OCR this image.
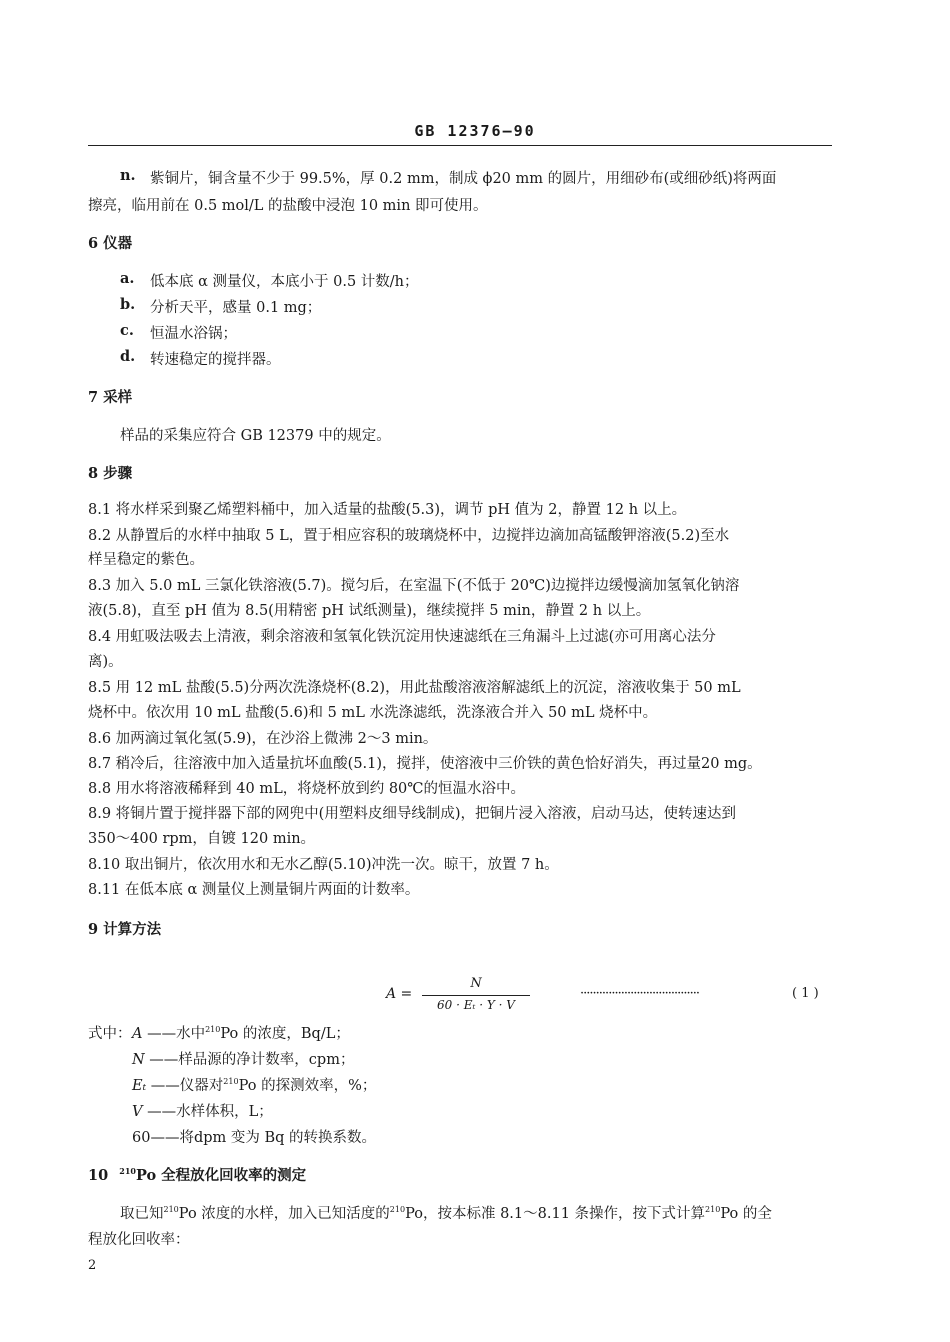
GB 12376—90
n. 紫铜片，铜含量不少于 99.5%，厚 0.2 mm，制成 ϕ20 mm 的圆片，用细砂布(或细砂纸)将两面
擦亮，临用前在 0.5 mol/L 的盐酸中浸泡 10 min 即可使用。
6 仪器
a. 低本底 α 测量仪，本底小于 0.5 计数/h；
b. 分析天平，感量 0.1 mg；
c. 恒温水浴锅；
d. 转速稳定的搅拌器。
7 采样
样品的采集应符合 GB 12379 中的规定。
8 步骤
8.1 将水样采到聚乙烯塑料桶中，加入适量的盐酸(5.3)，调节 pH 值为 2，静置 12 h 以上。
8.2 从静置后的水样中抽取 5 L，置于相应容积的玻璃烧杯中，边搅拌边滴加高锰酸钾溶液(5.2)至水
样呈稳定的紫色。
8.3 加入 5.0 mL 三氯化铁溶液(5.7)。搅匀后，在室温下(不低于 20℃)边搅拌边缓慢滴加氢氧化钠溶
液(5.8)，直至 pH 值为 8.5(用精密 pH 试纸测量)，继续搅拌 5 min，静置 2 h 以上。
8.4 用虹吸法吸去上清液，剩余溶液和氢氧化铁沉淀用快速滤纸在三角漏斗上过滤(亦可用离心法分
离)。
8.5 用 12 mL 盐酸(5.5)分两次洗涤烧杯(8.2)，用此盐酸溶液溶解滤纸上的沉淀，溶液收集于 50 mL
烧杯中。依次用 10 mL 盐酸(5.6)和 5 mL 水洗涤滤纸，洗涤液合并入 50 mL 烧杯中。
8.6 加两滴过氧化氢(5.9)，在沙浴上微沸 2～3 min。
8.7 稍冷后，往溶液中加入适量抗坏血酸(5.1)，搅拌，使溶液中三价铁的黄色恰好消失，再过量20 mg。
8.8 用水将溶液稀释到 40 mL，将烧杯放到约 80℃的恒温水浴中。
8.9 将铜片置于搅拌器下部的网兜中(用塑料皮细导线制成)，把铜片浸入溶液，启动马达，使转速达到
350～400 rpm，自镀 120 min。
8.10 取出铜片，依次用水和无水乙醇(5.10)冲洗一次。晾干，放置 7 h。
8.11 在低本底 α 测量仪上测量铜片两面的计数率。
9 计算方法
A =
N
60 · Eₜ · Y · V
······································	( 1 )
式中： A ——水中$^{210}$Po 的浓度，Bq/L；
N ——样品源的净计数率，cpm；
Eₜ ——仪器对$^{210}$Po 的探测效率，%；
V ——水样体积，L；
60——将dpm 变为 Bq 的转换系数。
10 $^{210}$Po 全程放化回收率的测定
取已知$^{210}$Po 浓度的水样，加入已知活度的$^{210}$Po，按本标准 8.1～8.11 条操作，按下式计算$^{210}$Po 的全
程放化回收率：
2
